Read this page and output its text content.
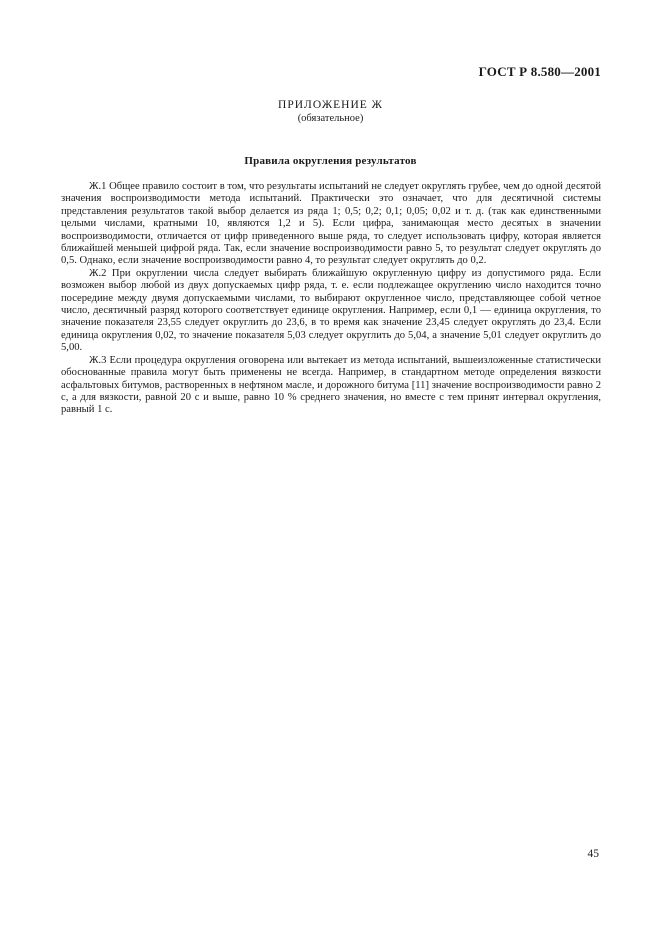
ГОСТ Р 8.580—2001
ПРИЛОЖЕНИЕ Ж
(обязательное)
Правила округления результатов

Ж.1 Общее правило состоит в том, что результаты испытаний не следует округлять грубее, чем до одной десятой значения воспроизводимости метода испытаний. Практически это означает, что для десятичной системы представления результатов такой выбор делается из ряда 1; 0,5; 0,2; 0,1; 0,05; 0,02 и т. д. (так как единственными целыми числами, кратными 10, являются 1,2 и 5). Если цифра, занимающая место десятых в значении воспроизводимости, отличается от цифр приведенного выше ряда, то следует использовать цифру, которая является ближайшей меньшей цифрой ряда. Так, если значение воспроизводимости равно 5, то результат следует округлять до 0,5. Однако, если значение воспроизводимости равно 4, то результат следует округлять до 0,2.

Ж.2 При округлении числа следует выбирать ближайшую округленную цифру из допустимого ряда. Если возможен выбор любой из двух допускаемых цифр ряда, т. е. если подлежащее округлению число находится точно посередине между двумя допускаемыми числами, то выбирают округленное число, представляющее собой четное число, десятичный разряд которого соответствует единице округления. Например, если 0,1 — единица округления, то значение показателя 23,55 следует округлить до 23,6, в то время как значение 23,45 следует округлять до 23,4. Если единица округления 0,02, то значение показателя 5,03 следует округлить до 5,04, а значение 5,01 следует округлить до 5,00.

Ж.3 Если процедура округления оговорена или вытекает из метода испытаний, вышеизложенные статистически обоснованные правила могут быть применены не всегда. Например, в стандартном методе определения вязкости асфальтовых битумов, растворенных в нефтяном масле, и дорожного битума [11] значение воспроизводимости равно 2 с, а для вязкости, равной 20 с и выше, равно 10 % среднего значения, но вместе с тем принят интервал округления, равный 1 с.

45
